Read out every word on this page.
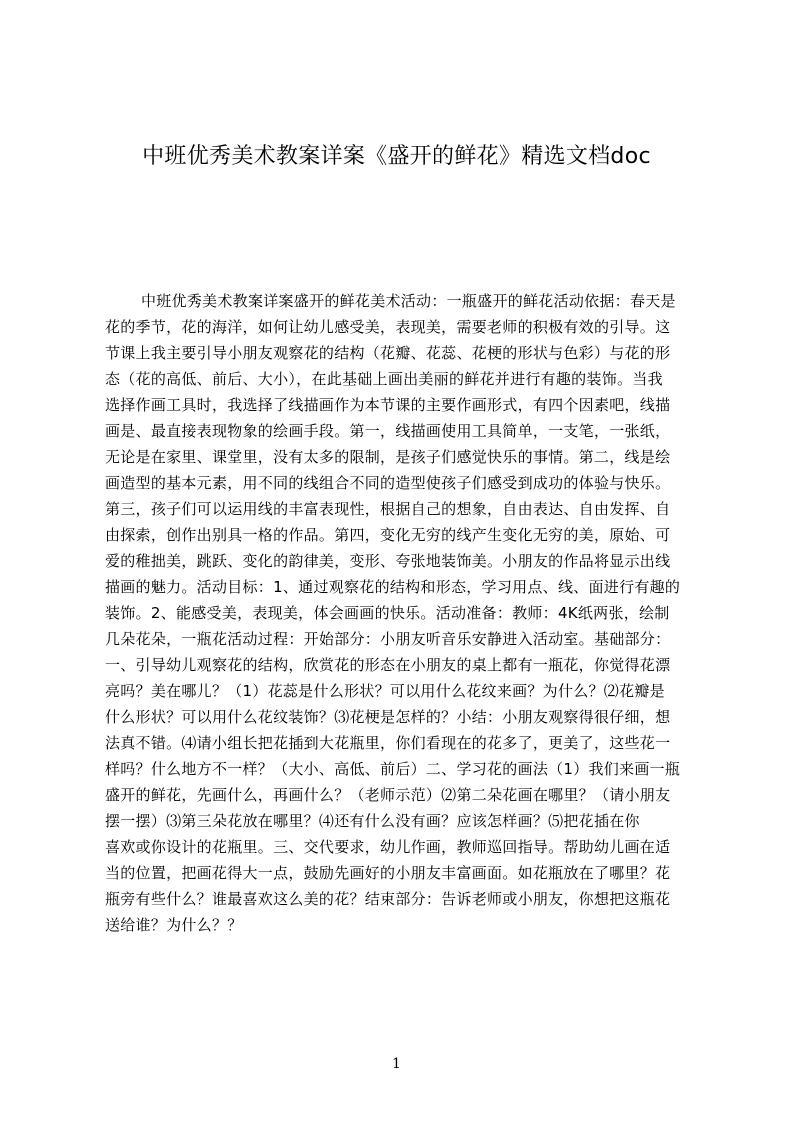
中班优秀美术教案详案《盛开的鲜花》精选文档doc
中班优秀美术教案详案盛开的鲜花美术活动：一瓶盛开的鲜花活动依据：春天是
花的季节，花的海洋，如何让幼儿感受美，表现美，需要老师的积极有效的引导。这
节课上我主要引导小朋友观察花的结构（花瓣、花蕊、花梗的形状与色彩）与花的形
态（花的高低、前后、大小），在此基础上画出美丽的鲜花并进行有趣的装饰。当我
选择作画工具时，我选择了线描画作为本节课的主要作画形式，有四个因素吧，线描
画是、最直接表现物象的绘画手段。第一，线描画使用工具简单，一支笔，一张纸，
无论是在家里、课堂里，没有太多的限制，是孩子们感觉快乐的事情。第二，线是绘
画造型的基本元素，用不同的线组合不同的造型使孩子们感受到成功的体验与快乐。
第三，孩子们可以运用线的丰富表现性，根据自己的想象，自由表达、自由发挥、自
由探索，创作出别具一格的作品。第四，变化无穷的线产生变化无穷的美，原始、可
爱的稚拙美，跳跃、变化的韵律美，变形、夸张地装饰美。小朋友的作品将显示出线
描画的魅力。活动目标：1、通过观察花的结构和形态，学习用点、线、面进行有趣的
装饰。2、能感受美，表现美，体会画画的快乐。活动准备：教师：4K纸两张，绘制
几朵花朵，一瓶花活动过程：开始部分：小朋友听音乐安静进入活动室。基础部分：
一、引导幼儿观察花的结构，欣赏花的形态在小朋友的桌上都有一瓶花，你觉得花漂
亮吗？美在哪儿？（1）花蕊是什么形状？可以用什么花纹来画？为什么？⑵花瓣是
什么形状？可以用什么花纹装饰？⑶花梗是怎样的？小结：小朋友观察得很仔细，想
法真不错。⑷请小组长把花插到大花瓶里，你们看现在的花多了，更美了，这些花一
样吗？什么地方不一样？（大小、高低、前后）二、学习花的画法（1）我们来画一瓶
盛开的鲜花，先画什么，再画什么？（老师示范）⑵第二朵花画在哪里？（请小朋友
摆一摆）⑶第三朵花放在哪里？⑷还有什么没有画？应该怎样画？⑸把花插在你
喜欢或你设计的花瓶里。三、交代要求，幼儿作画，教师巡回指导。帮助幼儿画在适
当的位置，把画花得大一点，鼓励先画好的小朋友丰富画面。如花瓶放在了哪里？花
瓶旁有些什么？谁最喜欢这么美的花？结束部分：告诉老师或小朋友，你想把这瓶花
送给谁？为什么？？
1
